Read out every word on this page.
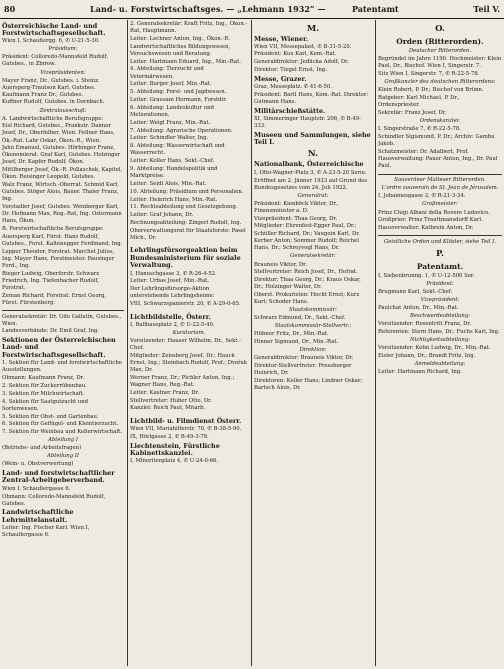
80	Land- u. Forstwirtschaftsges. — „Lehmann 1932“ —	Patentamt	Teil V.
Österreichische Land- und Forstwirtschaftsgesellschaft.

Wien I, Schauflergg. 6, ✆ U-21-5-30.

Präsidium:

Präsident: Colloredo-Mannsfeld Rudolf, Gutsbes., in Zbirow.

Vizepräsidenten:

Mayer Franz, Dr., Gutsbes. i. Steinz. Auersperg-Trautson Karl, Gutsbes. Kaufmann Franz Dr., Gutsbes.

Kuffner Rudolf, Gutsbes. in Dornbach.

Zentralausschuß:

A. Landwirtschaftliche Berufsgruppe:

Eisl Richard, Gutsbes., Prankstr. Danner Josef, Dr., Oberfelber, Wien. Fellner Hans, Ök.-Rat. Lahr Oskar, Ökon.-R., Wien.

Jahn Emanuel, Gutsbes. Hörbinger Franz, Ökonomierat. Graf Karl, Gutsbes. Holzinger Josef, Dr. Kapfer Rudolf, Ökon.

Mittlberger Josef, Ök.-R. Pollaschek, Kapitel, Ökon. Reisinger Leopold, Gutsbes.

Walz Franz, Wirtsch.-Oberrat. Schmid Karl, Gutsbes. Stöger Alois, Bauer. Thaler Franz, Ing.

Vorstadler Josef, Gutsbes. Weinberger Karl, Dr. Hofmann Max, Reg.-Rat, Ing. Ostermann Hans, Ökon.

B. Forstwirtschaftliche Berufsgruppe:

Auersperg Karl, Fürst. Hans Rudolf, Gutsbes., Forst. Kaltenegger Ferdinand, Ing.

Lepper Theodor, Forstrat. Marchet Julius, Ing. Mayer Hans, Forstmeister. Pausinger Ferd., Ing.

Rieger Ludwig, Oberforstr. Schwarz Friedrich, Ing. Tiefenbacher Rudolf, Forstrat.

Zeman Richard, Forstrat. Ernst Georg, Fürst. Fürstenberg.

Generalsekretär: Dr. Udo Gallatin, Gutsbes., Wien.

Landesverbände: Dr. Emil Graf, Ing.

Sektionen der Österreichischen Land- und Forstwirtschaftsgesellschaft.

1. Sektion für Land- und forstwirtschaftliche Ausstellungen.

Obmann: Kaufmann Franz, Dr.

2. Sektion für Zuckerrübenbau.

3. Sektion für Milchwirtschaft.

4. Sektion für Saatgutzucht und Sortenwesen.

5. Sektion für Obst- und Gartenbau.

6. Sektion für Geflügel- und Kleintierzucht.

7. Sektion für Weinbau und Kellerwirtschaft.

Abteilung I

(Betriebs- und Arbeitsfragen)

Abteilung II

(Wein- u. Obstverwertung)

Land- und forstwirtschaftlicher Zentral-Arbeitgeberverband.

Wien I, Schauflergasse 6.

Obmann: Colloredo-Mannsfeld Rudolf, Gutsbes.

Landwirtschaftliche Lehrmittelanstalt.

Leiter: Ing. Fischer Karl. Wien I, Schauflergasse 6.

2. Generalsekretär: Kraft Fritz, Ing., Ökon.-Rat, Hauptmann.

Leiter: Lechner Anton, Ing., Ökon.-R.

Landwirtschaftliches Bildungswesen, Versuchswesen und Beratung.

Leiter: Hartmann Eduard, Ing., Min.-Rat.

4. Abteilung: Tierzucht und Veterinärwesen.

Leiter: Burger Josef, Min.-Rat.

5. Abteilung: Forst- und Jagdwesen.

Leiter: Grausam Hermann, Forstdir.

6. Abteilung: Landeskultur und Meliorationen.

Leiter: Weigl Franz, Min.-Rat.

7. Abteilung: Agrarische Operationen.

Leiter: Schindler Walter, Ing.

8. Abteilung: Wasserwirtschaft und Wasserrecht.

Leiter: Koller Hans, Sekt.-Chef.

9. Abteilung: Handelspolitik und Marktpreise.

Leiter: Seidl Alois, Min.-Rat.

10. Abteilung: Präsidium und Personalien.

Leiter: Heinrich Hans, Min.-Rat.

11. Rechtsabteilung und Gesetzgebung.

Leiter: Graf Johann, Dr.

Rechnungsabteilung: Zingerl Rudolf, Ing.

Oberverwaltungsrat für Staatsforste: Pasel Mich., Dr.

Lehrlingsfürsorgeaktion beim Bundesministerium für soziale Verwaltung.

I, Hanuschgasse 3, ✆ R-26-4-52.

Leiter: Urbas Josef, Min.-Rat.

Der Lehrlingsfürsorge-Aktion unterstehende Lehrlingsheime:

VIII, Schwarzspanierstr. 20, ✆ A-29-0-65.

Lichtbildstelle, Österr.

I, Ballhausplatz 2, ✆ U-22-5-40.

Kuratorium.

Vorsitzender: Hauser Wilhelm, Dr., Sekt.-Chef.

Mitglieder: Zeissberg Josef, Dr.; Hauck Ernst, Ing.; Steinbach Rudolf, Prof.; Dvořak Max, Dr.

Werner Franz, Dr.; Pichler Anton, Ing.; Wagner Hans, Reg.-Rat.

Leiter: Kastner Franz, Dr.

Stellvertreter: Huber Otto, Dr.

Kanzlei: Reich Paul, Mitarb.

Lichtbild- u. Filmdienst Österr.

Wien VII, Mariahilferstr. 70, ✆ B-38-5-90.

IX, Hörlgasse 2, ✆ B-49-3-78.

Liechtenstein, Fürstliche Kabinettskanzlei.

I, Minoritenplatz 4, ✆ U-24-0-66.

M.
Messe, Wiener.

Wien VII, Messepalast, ✆ B-31-5-20. Präsident: Kux Karl, Kom.-Rat.

Generaldirektor: Jedlicka Adolf, Dr.

Direktor: Tiegel Ernst, Ing.

Messe, Grazer.

Graz, Messeplatz. ✆ 41-6-50.

Präsident: Bartl Hans, Kom.-Rat. Direktor: Gutmann Hans.

Militärschießstätte.

XI, Simmeringer Hauptstr. 206, ✆ B-49-333.

Museen und Sammlungen, siehe Teil I.
N.
Nationalbank, Österreichische

I, Otto-Wagner-Platz 3, ✆ A-23-5-20 Serie.

Eröffnet am 2. Jänner 1923 auf Grund des Bundesgesetzes vom 24. Juli 1922.

Generalrat:

Präsident: Kienböck Viktor, Dr., Finanzminister a. D.

Vizepräsident: Thaa Georg, Dr.

Mitglieder: Ehrenfest-Egger Paul, Dr.; Schüller Richard, Dr.; Vaugoin Karl, Dr.

Kerber Anton; Sommer Rudolf; Reichel Hans, Dr.; Schreyvogl Hans, Dr.

Generalsekretär:

Brauneis Viktor, Dr.

Stellvertreter: Reich Josef, Dr., Hofrat.

Direktor: Thaa Georg, Dr.; Kraus Oskar, Dr.; Holzinger Walter, Dr.

Oberst. Prokuristen: Hecht Ernst; Kurz Karl; Schoder Hans.

Staatskommissär:

Schwarz Edmund, Dr., Sekt.-Chef.

Staatskommissär-Stellvertr.:

Hübner Fritz, Dr., Min.-Rat.

Hinner Sigmund, Dr., Min.-Rat.

Direktion:

Generaldirektor: Brauneis Viktor, Dr.

Direktor-Stellvertreter: Pressburger Heinrich, Dr.

Direktoren: Keller Hans; Lindner Oskar; Bartsch Alois, Dr.

O.
Orden (Ritterorden).
Deutscher Ritterorden.

Begründet im Jahre 1190. Hochmeister: Klein Paul, Dr., Bischof. Wien I, Singerstr. 7.

Sitz Wien I, Singerstr. 7, ✆ R-22-5-78.

Großkanzler des deutschen Ritterordens:

Klein Robert, P. Dr.; Bischof von Brünn.

Ratgeber: Karl Michael, P. Dr., Ordenspriester.

Sekretär: Franz Josef, Dr.

Ordenskanzlei:

I, Singerstraße 7, ✆ R-22-5-78.

Schindler Sigismund, P. Dr.; Archiv: Gambu Jakob.

Schatzmeister: Dr. Adalbert, Prof.

Hausverwaltung: Pauer Anton, Ing., Dr. Paul Paul.

Souveräner Malteser Ritterorden.
L'ordre souverain de St. Jean de Jérusalem.

I, Johannesgasse 2, ✆ R-21-3-34.

Großmeister:

Prinz Chigi Albani della Rovere Ludovico.

Großprior: Prinz Trauttmansdorff Karl.

Hausverwalter: Kathrein Anton, Dr.

Geistliche Orden und Klöster, siehe Teil I.
P.
Patentamt.

I, Siebenbrunng. 1, ✆ U-12-500 Ser.

Präsident:

Brugmann Karl, Sekt.-Chef.

Vizepräsident:

Paulchat Anton, Dr., Min.-Rat.

Beschwerdeabteilung:

Vorsitzender: Rosentritt Franz, Dr.

Referenten: Stern Hans, Dr.; Fuchs Karl, Ing.

Nichtigkeitsabteilung:

Vorsitzender: Kohn Ludwig, Dr., Min.-Rat.

Eisler Johann, Dr.; Brandl Fritz, Ing.

Anmeldeabteilung:

Leiter: Hartmann Richard, Ing.
